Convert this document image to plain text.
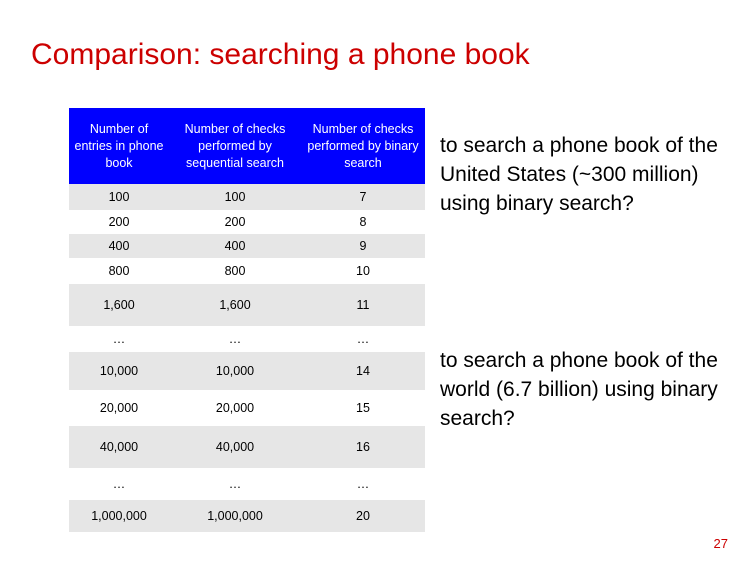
Comparison: searching a phone book
Number of entries in phone book	Number of checks performed by sequential search	Number of checks performed by binary search
100	100	7
200	200	8
400	400	9
800	800	10
1,600	1,600	11
…	…	…
10,000	10,000	14
20,000	20,000	15
40,000	40,000	16
…	…	…
1,000,000	1,000,000	20
to search a phone book of the United States (~300 million) using binary search?
to search a phone book of the world (6.7 billion) using binary search?
27
